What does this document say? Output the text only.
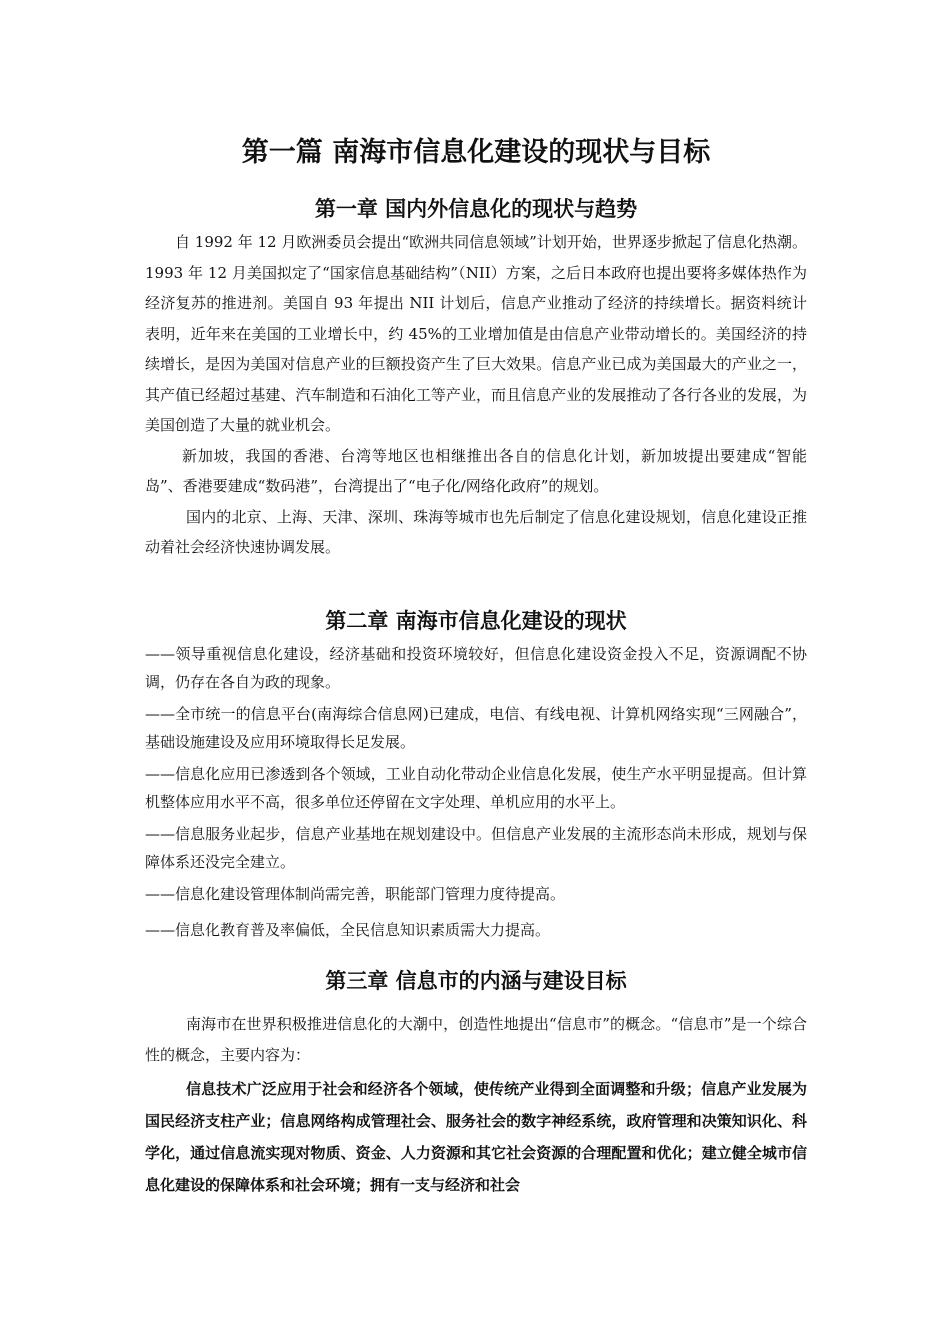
第一篇 南海市信息化建设的现状与目标
第一章 国内外信息化的现状与趋势

自 1992 年 12 月欧洲委员会提出“欧洲共同信息领域”计划开始，世界逐步掀起了信息化热潮。1993 年 12 月美国拟定了“国家信息基础结构”（NII）方案，之后日本政府也提出要将多媒体热作为经济复苏的推进剂。美国自 93 年提出 NII 计划后，信息产业推动了经济的持续增长。据资料统计表明，近年来在美国的工业增长中，约 45%的工业增加值是由信息产业带动增长的。美国经济的持续增长，是因为美国对信息产业的巨额投资产生了巨大效果。信息产业已成为美国最大的产业之一，其产值已经超过基建、汽车制造和石油化工等产业，而且信息产业的发展推动了各行各业的发展，为美国创造了大量的就业机会。

新加坡，我国的香港、台湾等地区也相继推出各自的信息化计划，新加坡提出要建成“智能岛”、香港要建成“数码港”，台湾提出了“电子化/网络化政府”的规划。

国内的北京、上海、天津、深圳、珠海等城市也先后制定了信息化建设规划，信息化建设正推动着社会经济快速协调发展。

第二章 南海市信息化建设的现状

——领导重视信息化建设，经济基础和投资环境较好，但信息化建设资金投入不足，资源调配不协调，仍存在各自为政的现象。

——全市统一的信息平台(南海综合信息网)已建成，电信、有线电视、计算机网络实现“三网融合”，基础设施建设及应用环境取得长足发展。

——信息化应用已渗透到各个领域，工业自动化带动企业信息化发展，使生产水平明显提高。但计算机整体应用水平不高，很多单位还停留在文字处理、单机应用的水平上。

——信息服务业起步，信息产业基地在规划建设中。但信息产业发展的主流形态尚未形成，规划与保障体系还没完全建立。

——信息化建设管理体制尚需完善，职能部门管理力度待提高。

——信息化教育普及率偏低，全民信息知识素质需大力提高。

第三章 信息市的内涵与建设目标

南海市在世界积极推进信息化的大潮中，创造性地提出“信息市”的概念。“信息市”是一个综合性的概念，主要内容为：

信息技术广泛应用于社会和经济各个领域，使传统产业得到全面调整和升级；信息产业发展为国民经济支柱产业；信息网络构成管理社会、服务社会的数字神经系统，政府管理和决策知识化、科学化，通过信息流实现对物质、资金、人力资源和其它社会资源的合理配置和优化；建立健全城市信息化建设的保障体系和社会环境；拥有一支与经济和社会
